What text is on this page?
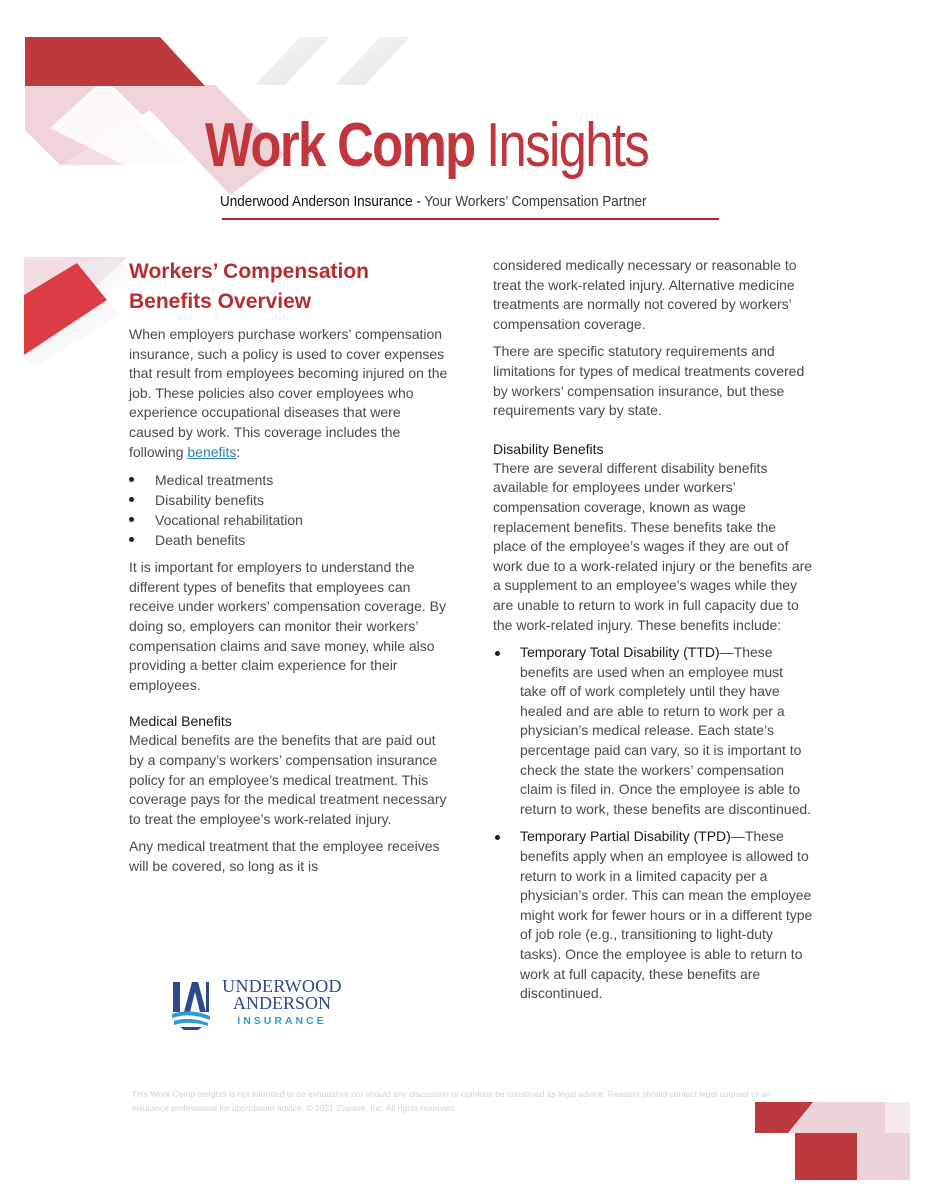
Work Comp Insights
Underwood Anderson Insurance - Your Workers’ Compensation Partner
Workers’ Compensation Benefits Overview

When employers purchase workers’ compensation insurance, such a policy is used to cover expenses that result from employees becoming injured on the job. These policies also cover employees who experience occupational diseases that were caused by work. This coverage includes the following benefits:

Medical treatments
Disability benefits
Vocational rehabilitation
Death benefits

It is important for employers to understand the different types of benefits that employees can receive under workers’ compensation coverage. By doing so, employers can monitor their workers’ compensation claims and save money, while also providing a better claim experience for their employees.

Medical Benefits

Medical benefits are the benefits that are paid out by a company’s workers’ compensation insurance policy for an employee’s medical treatment. This coverage pays for the medical treatment necessary to treat the employee’s work-related injury.

Any medical treatment that the employee receives will be covered, so long as it is

considered medically necessary or reasonable to treat the work-related injury. Alternative medicine treatments are normally not covered by workers’ compensation coverage.

There are specific statutory requirements and limitations for types of medical treatments covered by workers’ compensation insurance, but these requirements vary by state.

Disability Benefits

There are several different disability benefits available for employees under workers’ compensation coverage, known as wage replacement benefits. These benefits take the place of the employee’s wages if they are out of work due to a work-related injury or the benefits are a supplement to an employee’s wages while they are unable to return to work in full capacity due to the work-related injury. These benefits include:

Temporary Total Disability (TTD)—These benefits are used when an employee must take off of work completely until they have healed and are able to return to work per a physician’s medical release. Each state’s percentage paid can vary, so it is important to check the state the workers’ compensation claim is filed in. Once the employee is able to return to work, these benefits are discontinued.
Temporary Partial Disability (TPD)—These benefits apply when an employee is allowed to return to work in a limited capacity per a physician’s order. This can mean the employee might work for fewer hours or in a different type of job role (e.g., transitioning to light-duty tasks). Once the employee is able to return to work at full capacity, these benefits are discontinued.
UNDERWOOD
ANDERSON
INSURANCE
This Work Comp Insights is not intended to be exhaustive nor should any discussion or opinions be construed as legal advice. Readers should contact legal counsel or an insurance professional for appropriate advice. © 2021 Zywave, Inc. All rights reserved.
